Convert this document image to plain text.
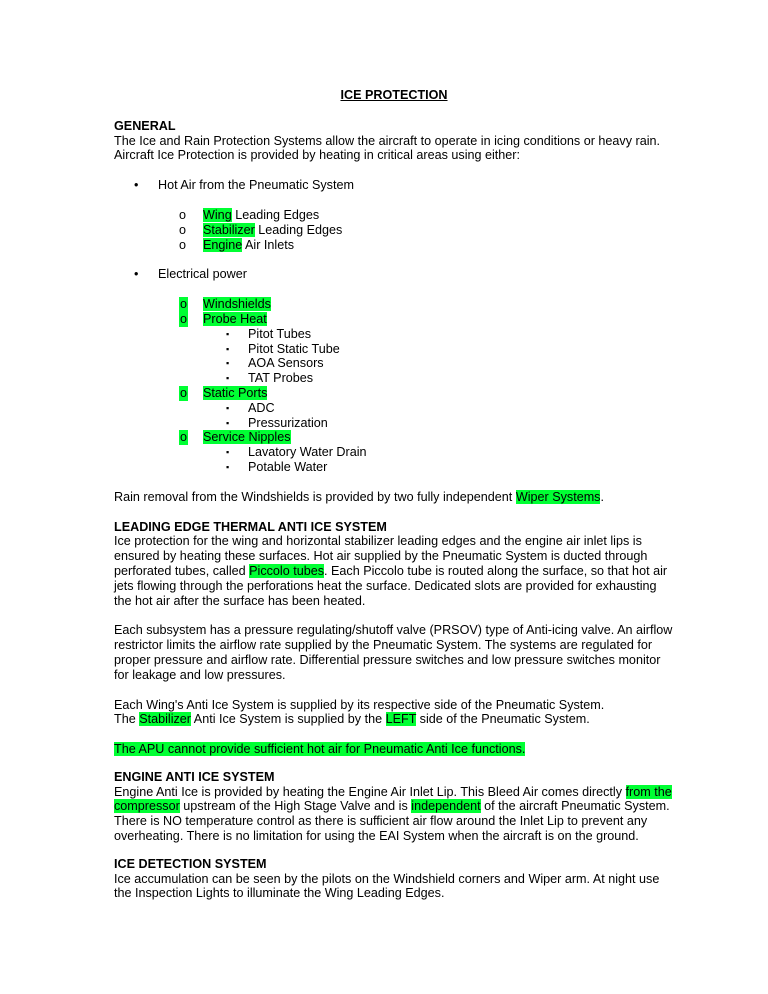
ICE PROTECTION

GENERAL

The Ice and Rain Protection Systems allow the aircraft to operate in icing conditions or heavy rain. Aircraft Ice Protection is provided by heating in critical areas using either:

• Hot Air from the Pneumatic System
o Wing Leading Edges
o Stabilizer Leading Edges
o Engine Air Inlets
• Electrical power
o Windshields
o Probe Heat
▪ Pitot Tubes
▪ Pitot Static Tube
▪ AOA Sensors
▪ TAT Probes
o Static Ports
▪ ADC
▪ Pressurization
o Service Nipples
▪ Lavatory Water Drain
▪ Potable Water

Rain removal from the Windshields is provided by two fully independent Wiper Systems.

LEADING EDGE THERMAL ANTI ICE SYSTEM

Ice protection for the wing and horizontal stabilizer leading edges and the engine air inlet lips is ensured by heating these surfaces. Hot air supplied by the Pneumatic System is ducted through perforated tubes, called Piccolo tubes. Each Piccolo tube is routed along the surface, so that hot air jets flowing through the perforations heat the surface. Dedicated slots are provided for exhausting the hot air after the surface has been heated.

Each subsystem has a pressure regulating/shutoff valve (PRSOV) type of Anti-icing valve. An airflow restrictor limits the airflow rate supplied by the Pneumatic System. The systems are regulated for proper pressure and airflow rate. Differential pressure switches and low pressure switches monitor for leakage and low pressures.

Each Wing's Anti Ice System is supplied by its respective side of the Pneumatic System.

The Stabilizer Anti Ice System is supplied by the LEFT side of the Pneumatic System.

The APU cannot provide sufficient hot air for Pneumatic Anti Ice functions.

ENGINE ANTI ICE SYSTEM

Engine Anti Ice is provided by heating the Engine Air Inlet Lip. This Bleed Air comes directly from the compressor upstream of the High Stage Valve and is independent of the aircraft Pneumatic System. There is NO temperature control as there is sufficient air flow around the Inlet Lip to prevent any overheating. There is no limitation for using the EAI System when the aircraft is on the ground.

ICE DETECTION SYSTEM

Ice accumulation can be seen by the pilots on the Windshield corners and Wiper arm. At night use the Inspection Lights to illuminate the Wing Leading Edges.
